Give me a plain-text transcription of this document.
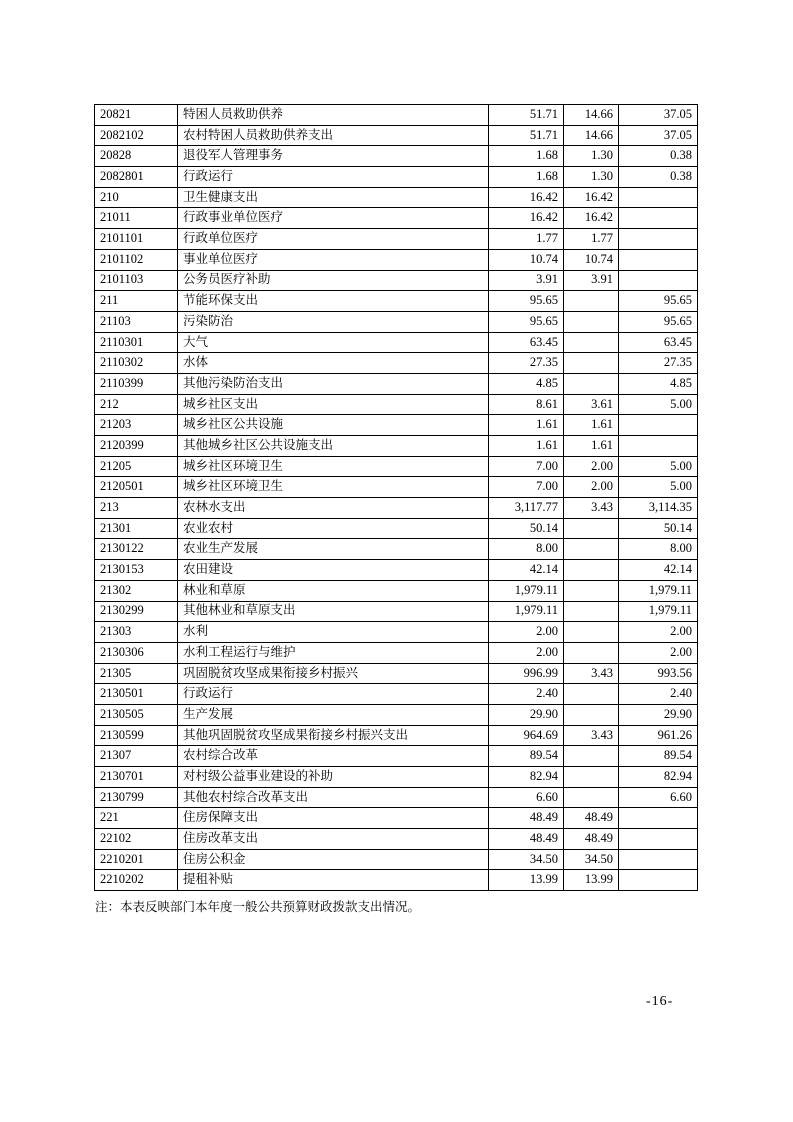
20821	特困人员救助供养	51.71	14.66	37.05
2082102	农村特困人员救助供养支出	51.71	14.66	37.05
20828	退役军人管理事务	1.68	1.30	0.38
2082801	行政运行	1.68	1.30	0.38
210	卫生健康支出	16.42	16.42	
21011	行政事业单位医疗	16.42	16.42	
2101101	行政单位医疗	1.77	1.77	
2101102	事业单位医疗	10.74	10.74	
2101103	公务员医疗补助	3.91	3.91	
211	节能环保支出	95.65		95.65
21103	污染防治	95.65		95.65
2110301	大气	63.45		63.45
2110302	水体	27.35		27.35
2110399	其他污染防治支出	4.85		4.85
212	城乡社区支出	8.61	3.61	5.00
21203	城乡社区公共设施	1.61	1.61	
2120399	其他城乡社区公共设施支出	1.61	1.61	
21205	城乡社区环境卫生	7.00	2.00	5.00
2120501	城乡社区环境卫生	7.00	2.00	5.00
213	农林水支出	3,117.77	3.43	3,114.35
21301	农业农村	50.14		50.14
2130122	农业生产发展	8.00		8.00
2130153	农田建设	42.14		42.14
21302	林业和草原	1,979.11		1,979.11
2130299	其他林业和草原支出	1,979.11		1,979.11
21303	水利	2.00		2.00
2130306	水利工程运行与维护	2.00		2.00
21305	巩固脱贫攻坚成果衔接乡村振兴	996.99	3.43	993.56
2130501	行政运行	2.40		2.40
2130505	生产发展	29.90		29.90
2130599	其他巩固脱贫攻坚成果衔接乡村振兴支出	964.69	3.43	961.26
21307	农村综合改革	89.54		89.54
2130701	对村级公益事业建设的补助	82.94		82.94
2130799	其他农村综合改革支出	6.60		6.60
221	住房保障支出	48.49	48.49	
22102	住房改革支出	48.49	48.49	
2210201	住房公积金	34.50	34.50	
2210202	提租补贴	13.99	13.99	
注：本表反映部门本年度一般公共预算财政拨款支出情况。
-16-
